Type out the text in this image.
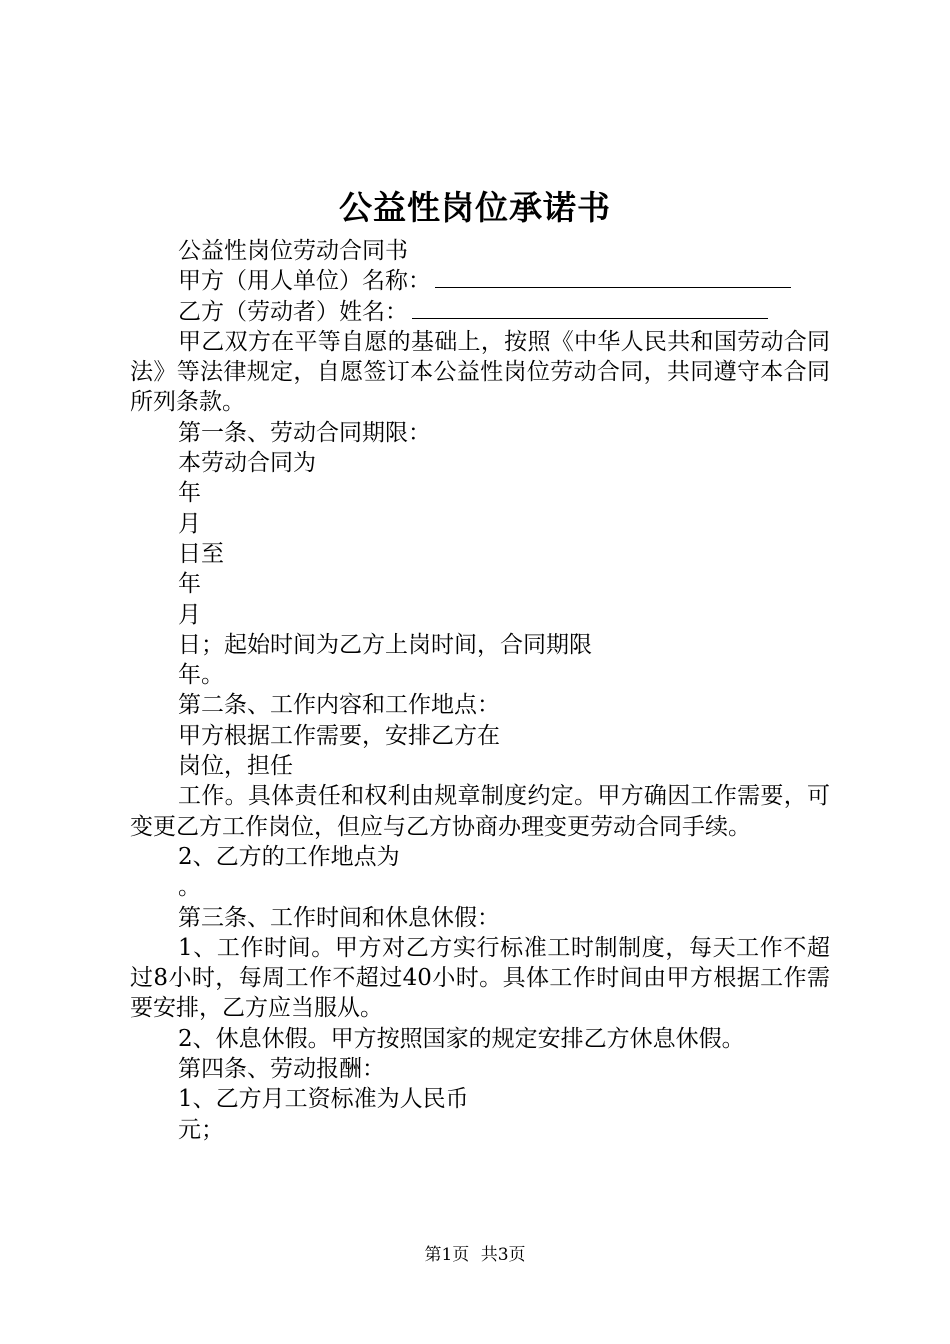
公益性岗位承诺书
公益性岗位劳动合同书
甲方（用人单位）名称：
乙方（劳动者）姓名：
甲乙双方在平等自愿的基础上，按照《中华人民共和国劳动合同法》等法律规定，自愿签订本公益性岗位劳动合同，共同遵守本合同所列条款。
第一条、劳动合同期限：
本劳动合同为
年
月
日至
年
月
日；起始时间为乙方上岗时间，合同期限
年。
第二条、工作内容和工作地点：
甲方根据工作需要，安排乙方在
岗位，担任
工作。具体责任和权利由规章制度约定。甲方确因工作需要，可变更乙方工作岗位，但应与乙方协商办理变更劳动合同手续。
2、乙方的工作地点为
。
第三条、工作时间和休息休假：
1、工作时间。甲方对乙方实行标准工时制制度，每天工作不超过8小时，每周工作不超过40小时。具体工作时间由甲方根据工作需要安排，乙方应当服从。
2、休息休假。甲方按照国家的规定安排乙方休息休假。
第四条、劳动报酬：
1、乙方月工资标准为人民币
元；
第1页 共3页
